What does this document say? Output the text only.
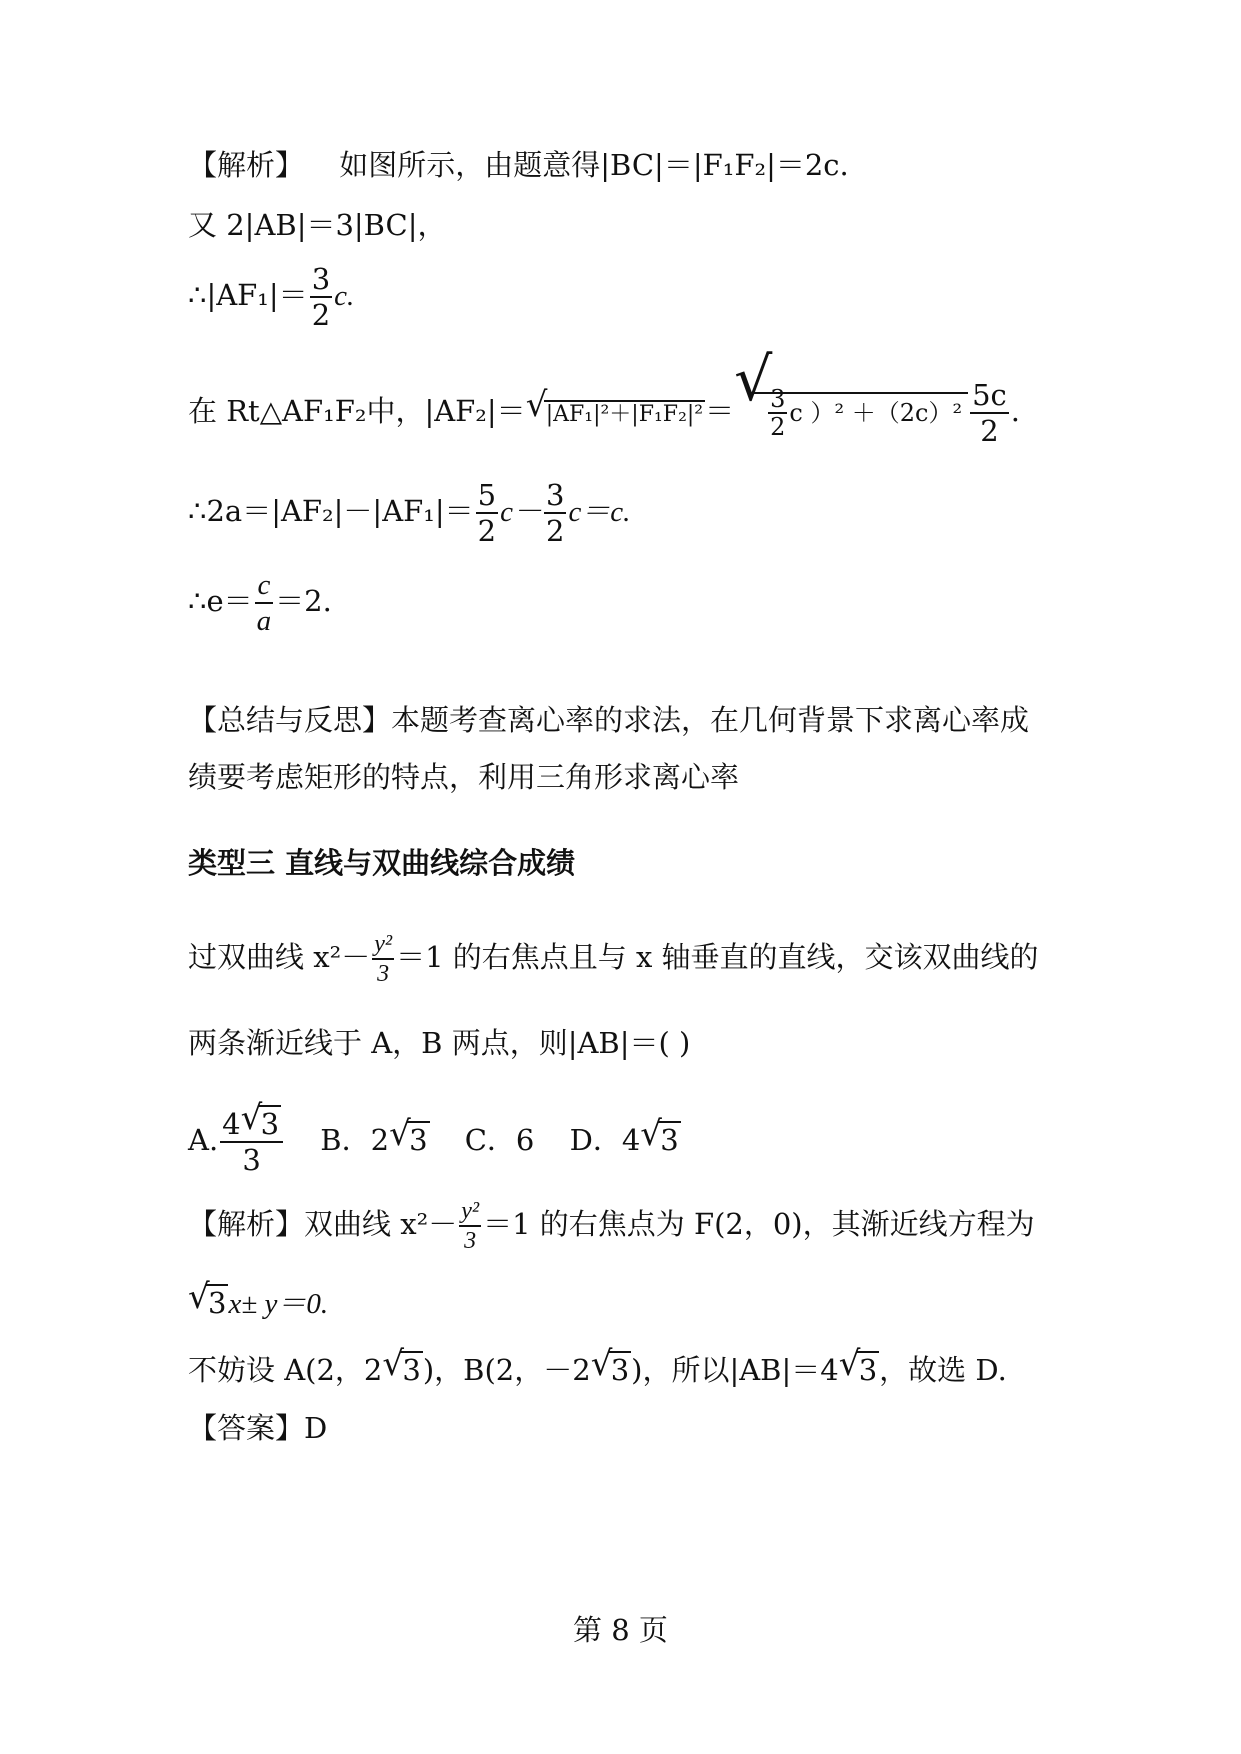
【解析】 如图所示，由题意得|BC|＝|F₁F₂|＝2c.
又 2|AB|＝3|BC|，
∴|AF₁|＝ $\frac{3}{2} c$.
在 Rt△AF₁F₂中，|AF₂|＝ √
|AF₁|²＋|F₁F₂|²＝ √
$\frac{3}{2}$ c ）$^2 +(2c)^2 \frac{5c}{2}$ .
∴2a＝|AF₂|－|AF₁|＝ $\frac{5}{2} c- \frac{3}{2} c=c$.
∴e＝ $\frac{c}{a} =2$.
【总结与反思】本题考查离心率的求法，在几何背景下求离心率成
绩要考虑矩形的特点，利用三角形求离心率
类型三 直线与双曲线综合成绩
过双曲线 $x^2- \frac{\text{y²}}{3} =1$ 的右焦点且与 x 轴垂直的直线，交该双曲线的
两条渐近线于 A，B 两点，则|AB|＝( )
A. 4 √
3
3 B．2 √
3 C．6 D．4 √
3
【解析】双曲线 $x^2- \frac{\text{y²}}{3} =1$ 的右焦点为 F(2，0)，其渐近线方程为
√
3x± y＝0.
不妨设 A(2，2 √
3)，B(2，－2 √
3)，所以|AB|＝4 √
3，故选 D.
【答案】D
第 8 页
